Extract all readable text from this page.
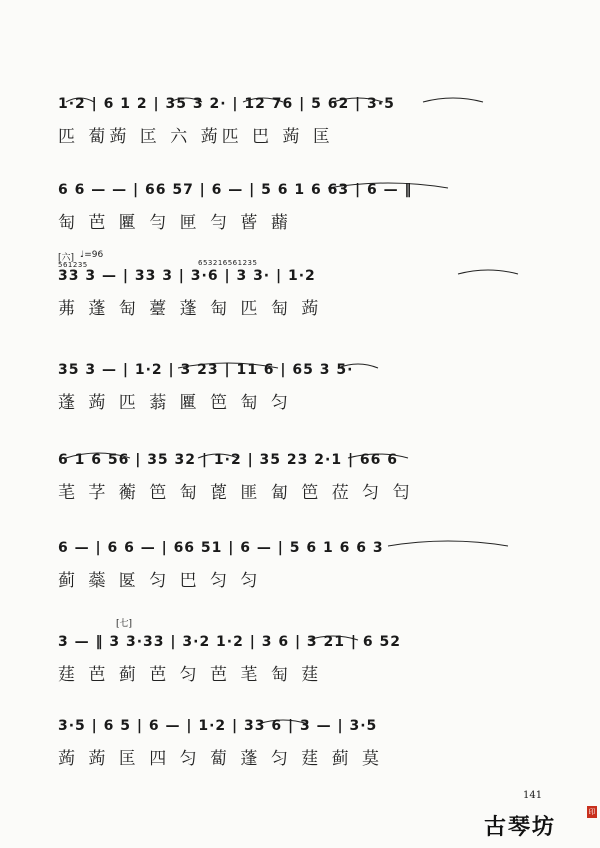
1·2 | 6 1 2 | 35 3 2· | 12 76 | 5 62 | 3·5
匹 蔔蒟 匞 六 蒟匹 巴 蒟 匡
6 6 — — | 66 57 | 6 — | 5 6 1 6 63 | 6 — ‖
匋 芭 匷 勻 匣 勻 蒈 蘛
[六] ♩=96
561235	653216561235
33 3 — | 33 3 | 3·6 | 3 3· | 1·2
茀 蓬 匋 薹 蓬 匋 匹 匋 蒟
35 3 — | 1·2 | 3 23 | 11 6 | 65 3 5·
蓬 蒟 匹 蓊 匷 笆 匋 匀
6 1 6 56 | 35 32 | 1·2 | 35 23 2·1 | 66 6
芼 芓 蘅 笆 匋 蓖 匪 匐 笆 莅 匀 匄
6 — | 6 6 — | 66 51 | 6 — | 5 6 1 6 6 3
蓟 蘂 匽 匀 巴 匀 匀
[七]
3 — ‖ 3 3·33 | 3·2 1·2 | 3 6 | 3 21 | 6 52
莛 芭 蓟 芭 匀 芭 芼 匋 莛
3·5 | 6 5 | 6 — | 1·2 | 33 6 | 3 — | 3·5
蒟 蒟 匡 四 匀 蔔 蓬 匀 莛 蓟 莫
141
古琴坊
印
